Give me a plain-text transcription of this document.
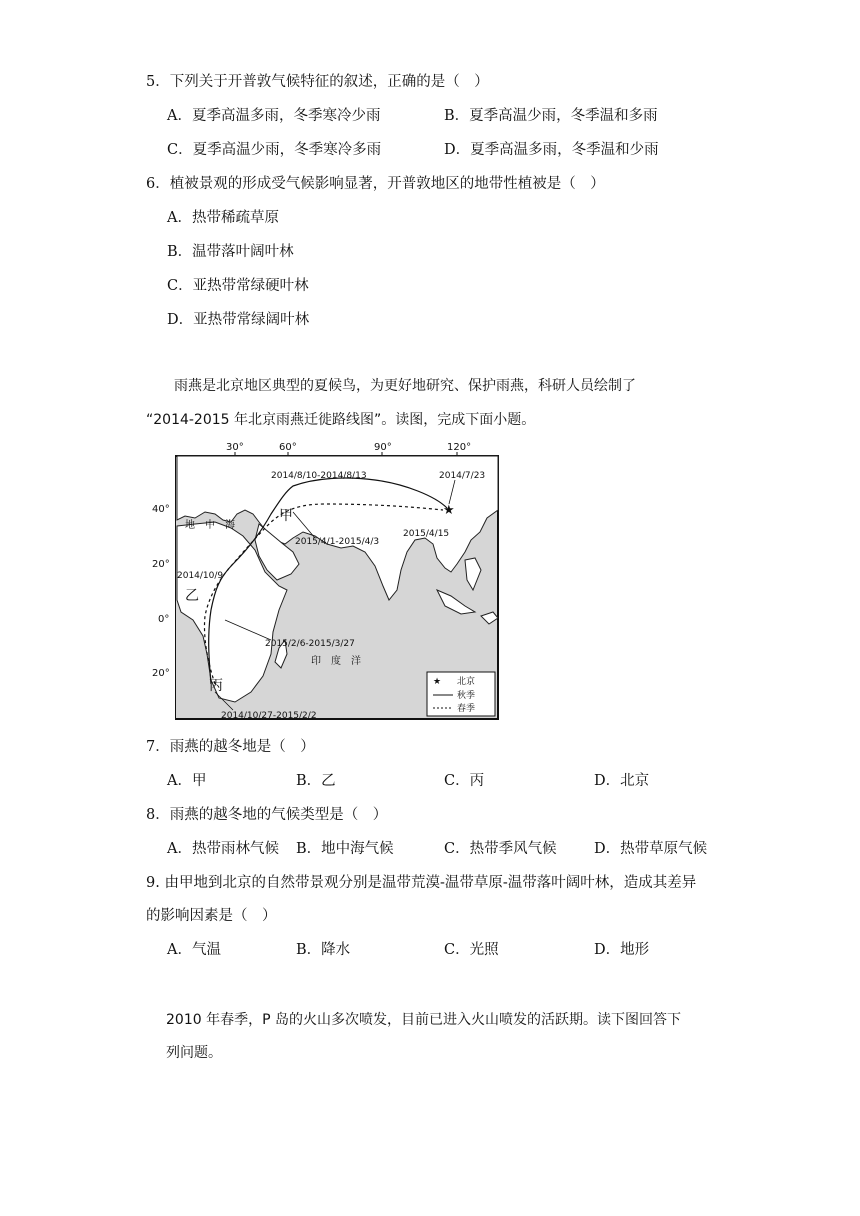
5．下列关于开普敦气候特征的叙述，正确的是（　）
A．夏季高温多雨，冬季寒冷少雨	B．夏季高温少雨，冬季温和多雨
C．夏季高温少雨，冬季寒冷多雨	D．夏季高温多雨，冬季温和少雨
6．植被景观的形成受气候影响显著，开普敦地区的地带性植被是（　）
A．热带稀疏草原
B．温带落叶阔叶林
C．亚热带常绿硬叶林
D．亚热带常绿阔叶林
雨燕是北京地区典型的夏候鸟，为更好地研究、保护雨燕，科研人员绘制了
“2014-2015 年北京雨燕迁徙路线图”。读图，完成下面小题。
30°	60°	90°	120°
甲
乙
丙
★
地　中　海
印　度　洋
2014/8/10-2014/8/13	2014/7/23
2015/4/15
2015/4/1-2015/4/3
2014/10/9
2015/2/6-2015/3/27
2014/10/27-2015/2/2
★ 北京
秋季
春季
40°
20°
0°
20°
7．雨燕的越冬地是（　）
A．甲	B．乙	C．丙	D．北京
8．雨燕的越冬地的气候类型是（　）
A．热带雨林气候 B．地中海气候	C．热带季风气候	D．热带草原气候
9. 由甲地到北京的自然带景观分别是温带荒漠-温带草原-温带落叶阔叶林，造成其差异
的影响因素是（　）
A．气温	B．降水	C．光照	D．地形
2010 年春季，P 岛的火山多次喷发，目前已进入火山喷发的活跃期。读下图回答下
列问题。
